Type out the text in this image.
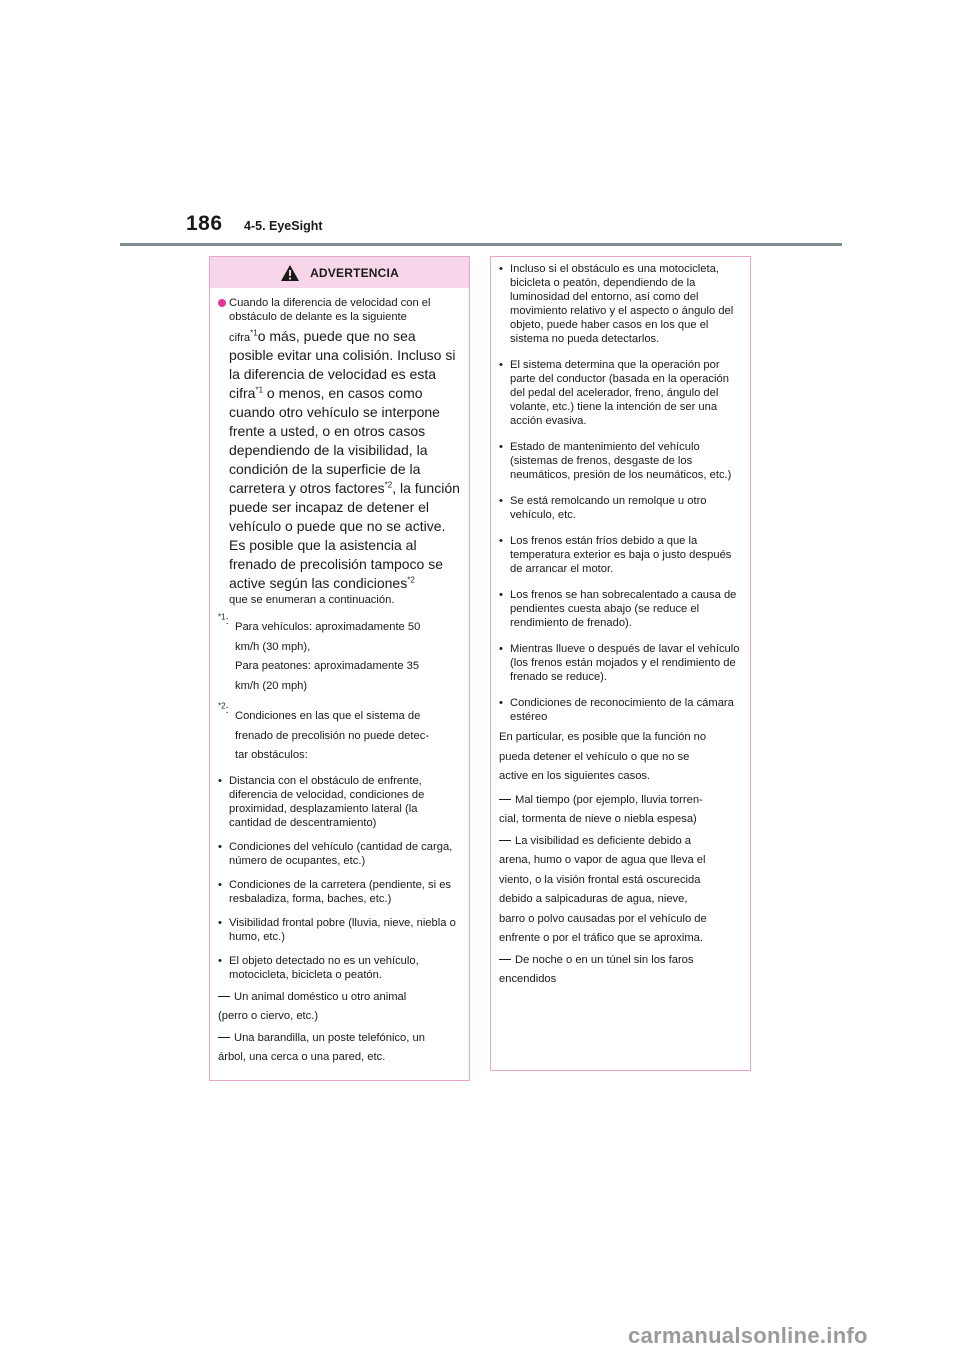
186 4-5. EyeSight
ADVERTENCIA
Cuando la diferencia de velocidad con el obstáculo de delante es la siguiente
cifra$^{*1}$o más, puede que no sea posible evitar una colisión. Incluso si la diferencia de velocidad es esta cifra$^{*1}$ o menos, en casos como cuando otro vehículo se interpone frente a usted, o en otros casos dependiendo de la visibilidad, la condición de la superficie de la carretera y otros factores$^{*2}$, la función puede ser incapaz de detener el vehículo o puede que no se active. Es posible que la asistencia al frenado de precolisión tampoco se active según las condiciones$^{*2}$
que se enumeran a continuación.
$^{*1}$: Para vehículos: aproximadamente 50
km/h (30 mph),
Para peatones: aproximadamente 35
km/h (20 mph)
$^{*2}$: Condiciones en las que el sistema de
frenado de precolisión no puede detec-
tar obstáculos:
• Distancia con el obstáculo de enfrente, diferencia de velocidad, condiciones de proximidad, desplazamiento lateral (la cantidad de descentramiento)
• Condiciones del vehículo (cantidad de carga, número de ocupantes, etc.)
• Condiciones de la carretera (pendiente, si es resbaladiza, forma, baches, etc.)
• Visibilidad frontal pobre (lluvia, nieve, niebla o humo, etc.)
• El objeto detectado no es un vehículo, motocicleta, bicicleta o peatón.
Un animal doméstico u otro animal
(perro o ciervo, etc.)
Una barandilla, un poste telefónico, un
árbol, una cerca o una pared, etc.
• Incluso si el obstáculo es una motocicleta, bicicleta o peatón, dependiendo de la luminosidad del entorno, así como del movimiento relativo y el aspecto o ángulo del objeto, puede haber casos en los que el sistema no pueda detectarlos.
• El sistema determina que la operación por parte del conductor (basada en la operación del pedal del acelerador, freno, ángulo del volante, etc.) tiene la intención de ser una acción evasiva.
• Estado de mantenimiento del vehículo (sistemas de frenos, desgaste de los neumáticos, presión de los neumáticos, etc.)
• Se está remolcando un remolque u otro vehículo, etc.
• Los frenos están fríos debido a que la temperatura exterior es baja o justo después de arrancar el motor.
• Los frenos se han sobrecalentado a causa de pendientes cuesta abajo (se reduce el rendimiento de frenado).
• Mientras llueve o después de lavar el vehículo (los frenos están mojados y el rendimiento de frenado se reduce).
• Condiciones de reconocimiento de la cámara estéreo
En particular, es posible que la función no
pueda detener el vehículo o que no se
active en los siguientes casos.
Mal tiempo (por ejemplo, lluvia torren-
cial, tormenta de nieve o niebla espesa)
La visibilidad es deficiente debido a
arena, humo o vapor de agua que lleva el
viento, o la visión frontal está oscurecida
debido a salpicaduras de agua, nieve,
barro o polvo causadas por el vehículo de
enfrente o por el tráfico que se aproxima.
De noche o en un túnel sin los faros
encendidos
carmanualsonline.info
